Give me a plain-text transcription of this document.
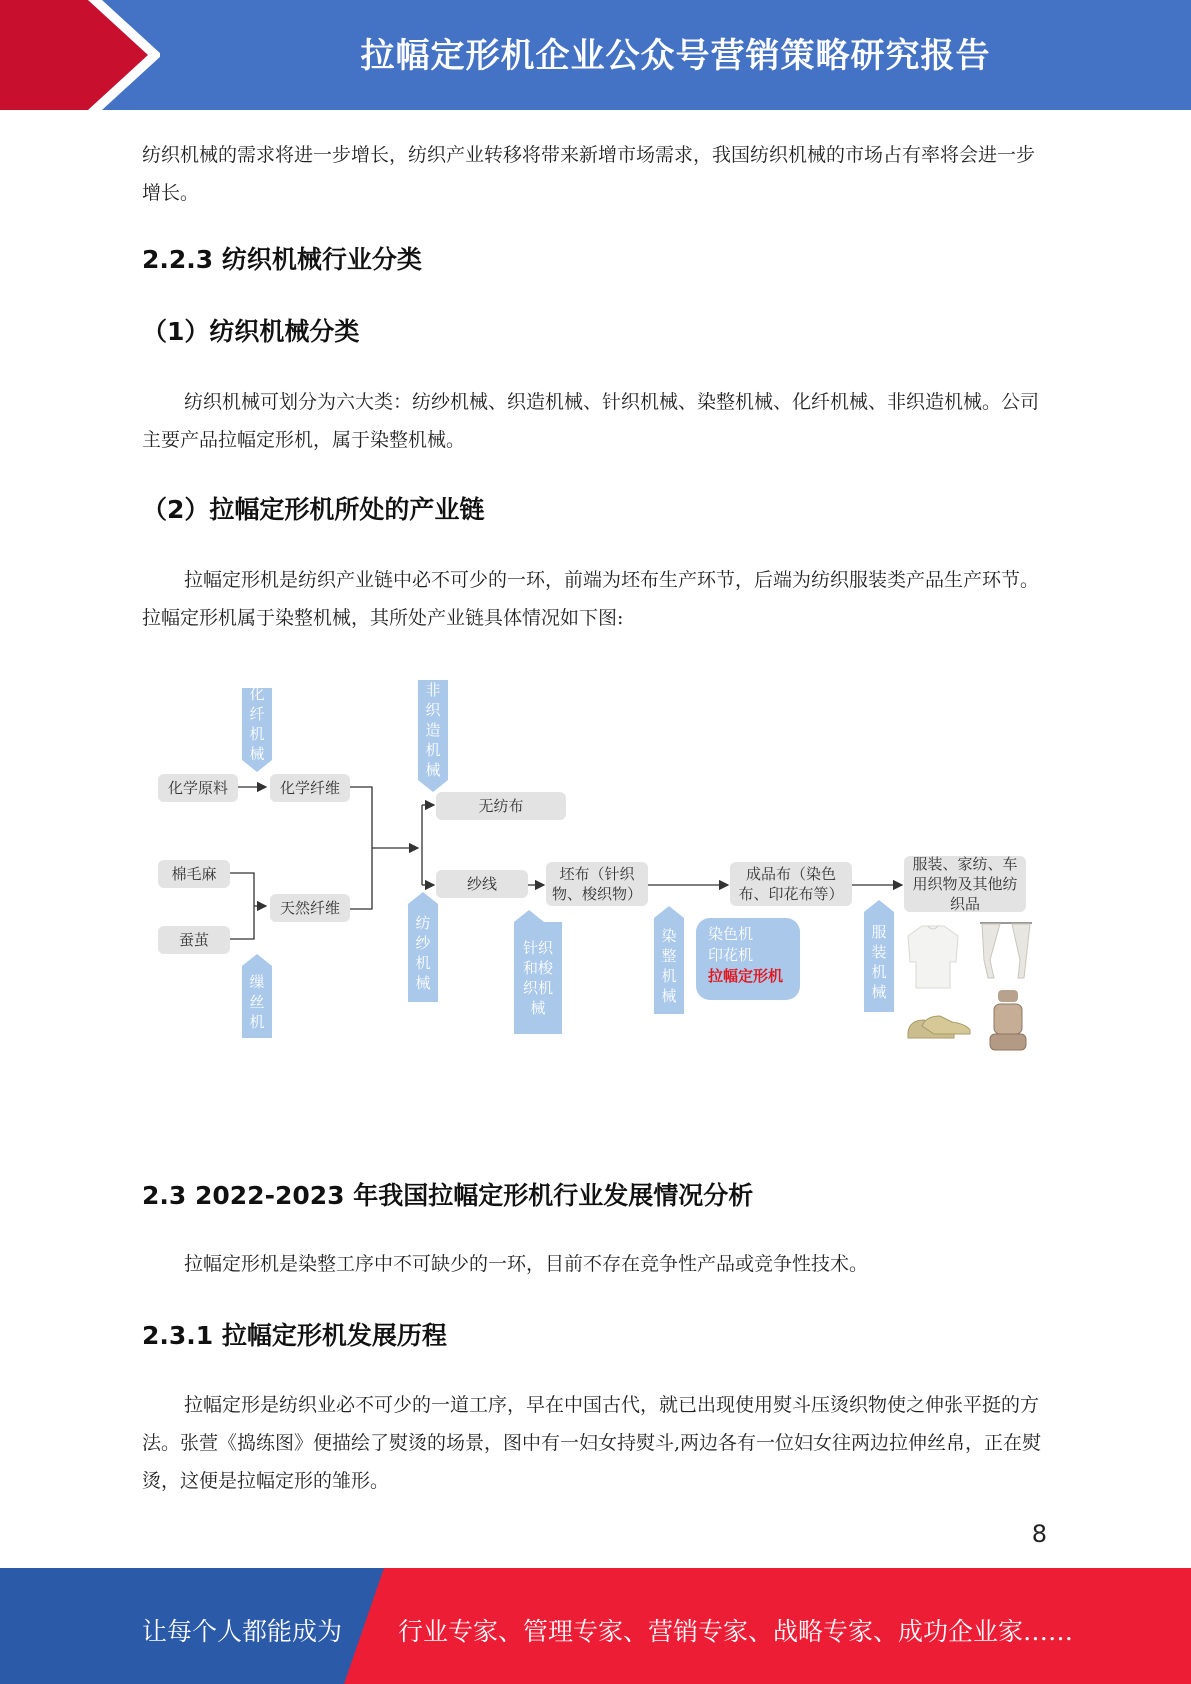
拉幅定形机企业公众号营销策略研究报告
纺织机械的需求将进一步增长，纺织产业转移将带来新增市场需求，我国纺织机械的市场占有率将会进一步增长。
2.2.3 纺织机械行业分类
（1）纺织机械分类
纺织机械可划分为六大类：纺纱机械、织造机械、针织机械、染整机械、化纤机械、非织造机械。公司主要产品拉幅定形机，属于染整机械。
（2）拉幅定形机所处的产业链
拉幅定形机是纺织产业链中必不可少的一环，前端为坯布生产环节，后端为纺织服装类产品生产环节。拉幅定形机属于染整机械，其所处产业链具体情况如下图:
化学原料	化学纤维
棉毛麻
蚕茧
天然纤维
无纺布
纱线
坯布（针织物、梭织物）
成品布（染色布、印花布等）
服装、家纺、车用织物及其他纺织品
化
纤
机
械
非
织
造
机
械
缫
丝
机
纺
纱
机
械
针织
和梭
织机
械
染
整
机
械
服
装
机
械
染色机
印花机
拉幅定形机
……
2.3 2022-2023 年我国拉幅定形机行业发展情况分析
拉幅定形机是染整工序中不可缺少的一环，目前不存在竞争性产品或竞争性技术。
2.3.1 拉幅定形机发展历程
拉幅定形是纺织业必不可少的一道工序，早在中国古代，就已出现使用熨斗压烫织物使之伸张平挺的方法。张萱《捣练图》便描绘了熨烫的场景，图中有一妇女持熨斗,两边各有一位妇女往两边拉伸丝帛，正在熨烫，这便是拉幅定形的雏形。
8
让每个人都能成为 行业专家、管理专家、营销专家、战略专家、成功企业家……
